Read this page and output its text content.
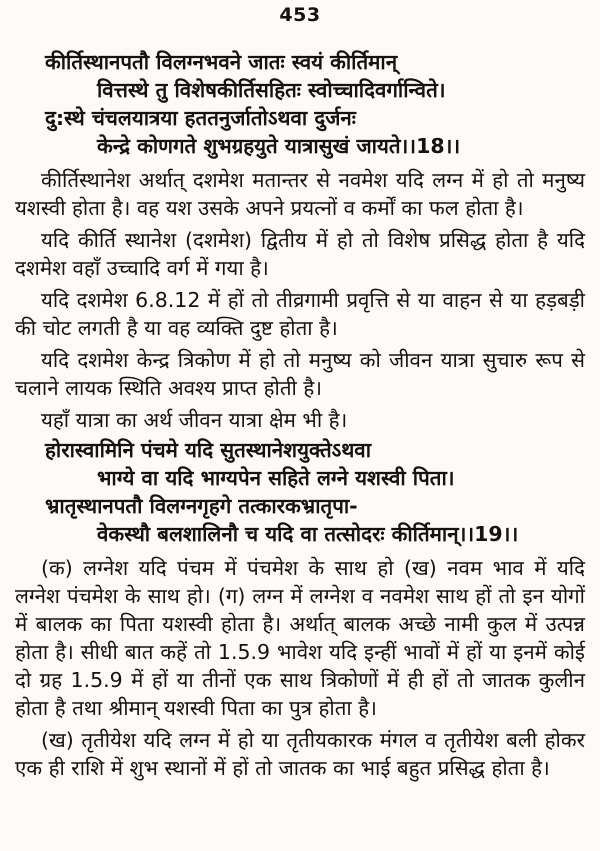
453
कीर्तिस्थानपतौ विलग्नभवने जातः स्वयं कीर्तिमान्
वित्तस्थे तु विशेषकीर्तिसहितः स्वोच्चादिवर्गान्विते।
दु:स्थे चंचलयात्रया हततनुर्जातोऽथवा दुर्जनः
केन्द्रे कोणगते शुभग्रहयुते यात्रासुखं जायते।।18।।

कीर्तिस्थानेश अर्थात् दशमेश मतान्तर से नवमेश यदि लग्न में हो तो मनुष्य यशस्वी होता है। वह यश उसके अपने प्रयत्नों व कर्मों का फल होता है।

यदि कीर्ति स्थानेश (दशमेश) द्वितीय में हो तो विशेष प्रसिद्ध होता है यदि दशमेश वहाँ उच्चादि वर्ग में गया है।

यदि दशमेश 6.8.12 में हों तो तीव्रगामी प्रवृत्ति से या वाहन से या हड़बड़ी की चोट लगती है या वह व्यक्ति दुष्ट होता है।

यदि दशमेश केन्द्र त्रिकोण में हो तो मनुष्य को जीवन यात्रा सुचारु रूप से चलाने लायक स्थिति अवश्य प्राप्त होती है।

यहाँ यात्रा का अर्थ जीवन यात्रा क्षेम भी है।

होरास्वामिनि पंचमे यदि सुतस्थानेशयुक्तेऽथवा
भाग्ये वा यदि भाग्यपेन सहिते लग्ने यशस्वी पिता।
भ्रातृस्थानपतौ विलग्नगृहगे तत्कारकभ्रातृपा-
वेकस्थौ बलशालिनौ च यदि वा तत्सोदरः कीर्तिमान्।।19।।

(क) लग्नेश यदि पंचम में पंचमेश के साथ हो (ख) नवम भाव में यदि लग्नेश पंचमेश के साथ हो। (ग) लग्न में लग्नेश व नवमेश साथ हों तो इन योगों में बालक का पिता यशस्वी होता है। अर्थात् बालक अच्छे नामी कुल में उत्पन्न होता है। सीधी बात कहें तो 1.5.9 भावेश यदि इन्हीं भावों में हों या इनमें कोई दो ग्रह 1.5.9 में हों या तीनों एक साथ त्रिकोणों में ही हों तो जातक कुलीन होता है तथा श्रीमान् यशस्वी पिता का पुत्र होता है।

(ख) तृतीयेश यदि लग्न में हो या तृतीयकारक मंगल व तृतीयेश बली होकर एक ही राशि में शुभ स्थानों में हों तो जातक का भाई बहुत प्रसिद्ध होता है।
